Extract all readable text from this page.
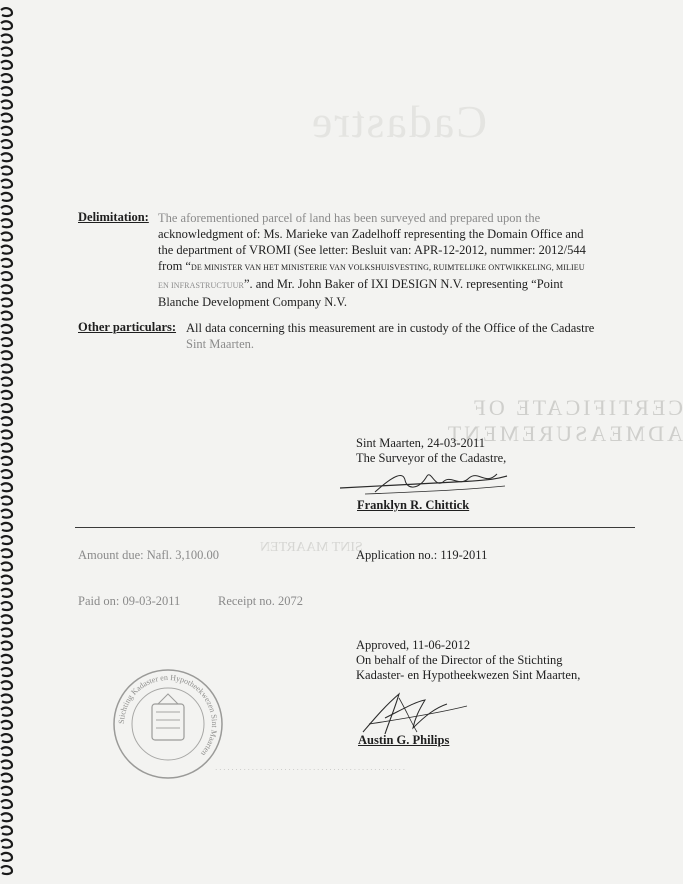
Cadastre
CERTIFICATE OF ADMEASUREMENT
SINT MAARTEN
Delimitation: The aforementioned parcel of land has been surveyed and prepared upon the
acknowledgment of: Ms. Marieke van Zadelhoff representing the Domain Office and
the department of VROMI (See letter: Besluit van: APR-12-2012, nummer: 2012/544
from “DE MINISTER VAN HET MINISTERIE VAN VOLKSHUISVESTING, RUIMTELIJKE ONTWIKKELING, MILIEU
EN INFRASTRUCTUUR”. and Mr. John Baker of IXI DESIGN N.V. representing “Point
Blanche Development Company N.V.
Other particulars: All data concerning this measurement are in custody of the Office of the Cadastre
Sint Maarten.
Sint Maarten, 24-03-2011
The Surveyor of the Cadastre,
Franklyn R. Chittick
Amount due: Nafl. 3,100.00	Application no.: 119-2011
Paid on: 09-03-2011	Receipt no. 2072
Approved, 11-06-2012
On behalf of the Director of the Stichting
Kadaster- en Hypotheekwezen Sint Maarten,
Austin G. Philips
Stichting Kadaster en Hypotheekwezen Sint Maarten
· · · · · · · · · · · · · · · · · · · · · · · · · · · · · · · · · · · · · · · · · · · · · · ·
